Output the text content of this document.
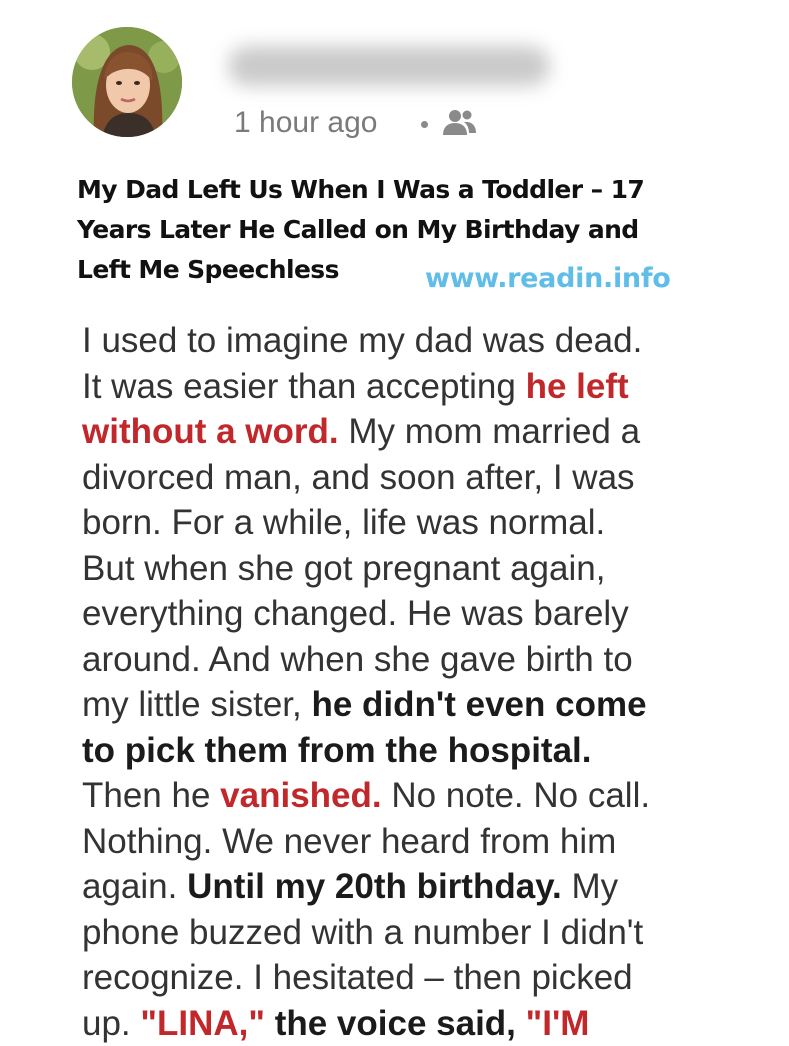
1 hour ago
My Dad Left Us When I Was a Toddler – 17
Years Later He Called on My Birthday and
Left Me Speechless	www.readin.info

I used to imagine my dad was dead.
It was easier than accepting he left
without a word. My mom married a
divorced man, and soon after, I was
born. For a while, life was normal.
But when she got pregnant again,
everything changed. He was barely
around. And when she gave birth to
my little sister, he didn't even come
to pick them from the hospital.
Then he vanished. No note. No call.
Nothing. We never heard from him
again. Until my 20th birthday. My
phone buzzed with a number I didn't
recognize. I hesitated – then picked
up. "LINA," the voice said, "I'M
